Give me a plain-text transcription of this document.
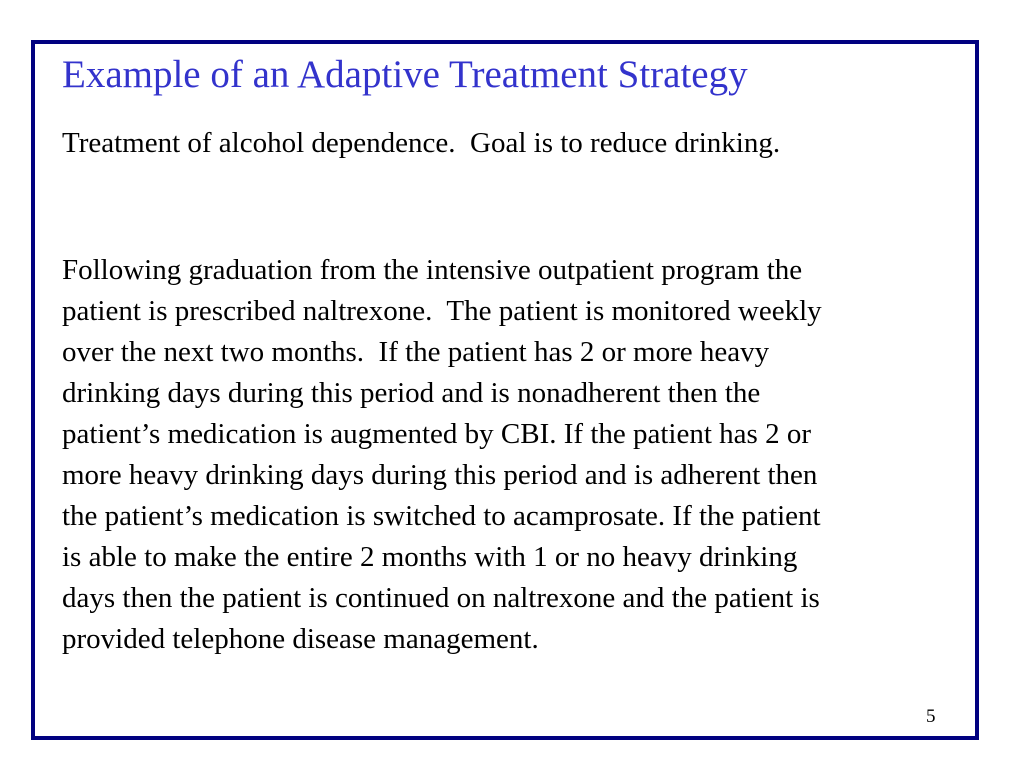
Example of an Adaptive Treatment Strategy

Treatment of alcohol dependence.  Goal is to reduce drinking.

Following graduation from the intensive outpatient program the
patient is prescribed naltrexone.  The patient is monitored weekly
over the next two months.  If the patient has 2 or more heavy
drinking days during this period and is nonadherent then the
patient’s medication is augmented by CBI. If the patient has 2 or
more heavy drinking days during this period and is adherent then
the patient’s medication is switched to acamprosate. If the patient
is able to make the entire 2 months with 1 or no heavy drinking
days then the patient is continued on naltrexone and the patient is
provided telephone disease management.
5
